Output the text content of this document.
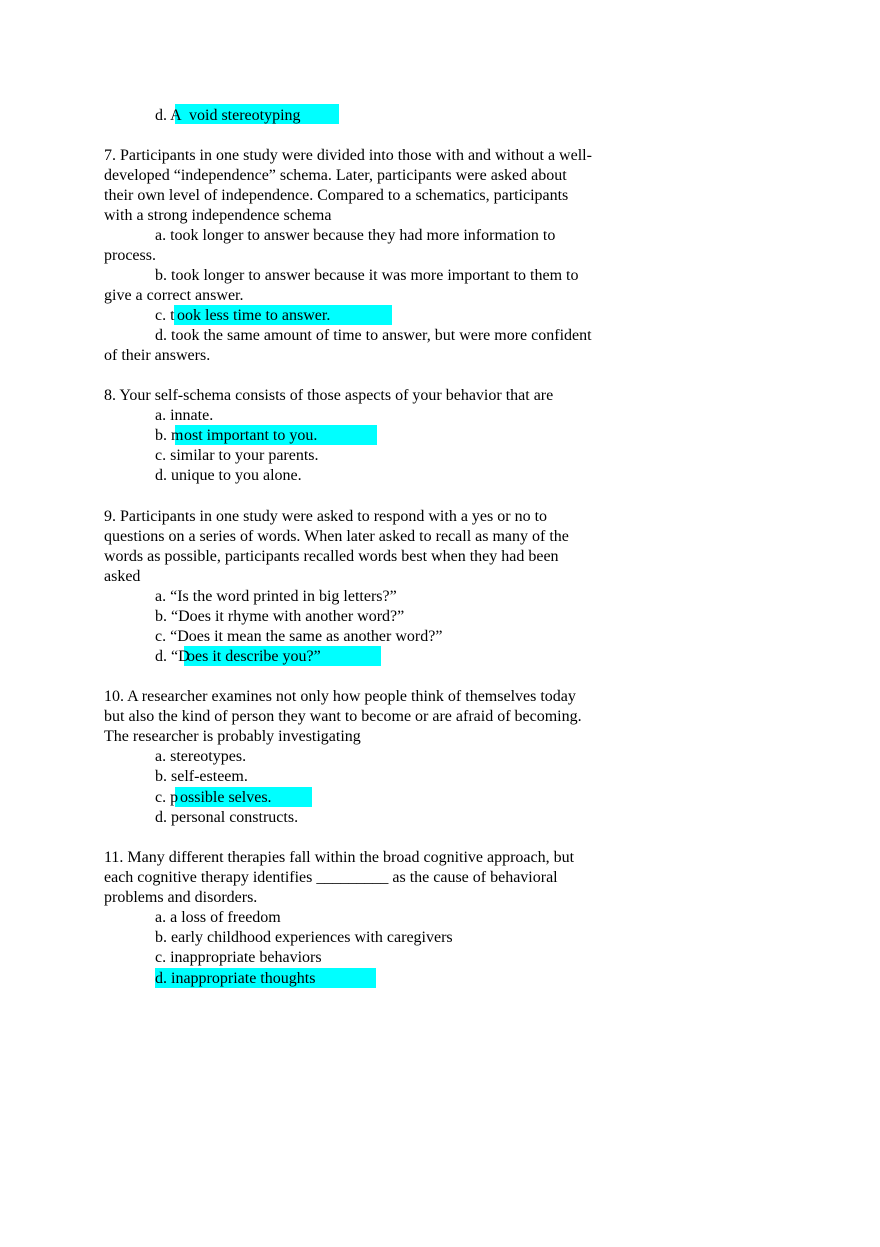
d. A void stereotyping
7. Participants in one study were divided into those with and without a well-
developed “independence” schema. Later, participants were asked about
their own level of independence. Compared to a schematics, participants
with a strong independence schema
a. took longer to answer because they had more information to
process.
b. took longer to answer because it was more important to them to
give a correct answer.
c. t ook less time to answer.
d. took the same amount of time to answer, but were more confident
of their answers.
8. Your self-schema consists of those aspects of your behavior that are
a. innate.
b. m ost important to you.
c. similar to your parents.
d. unique to you alone.
9. Participants in one study were asked to respond with a yes or no to
questions on a series of words. When later asked to recall as many of the
words as possible, participants recalled words best when they had been
asked
a. “Is the word printed in big letters?”
b. “Does it rhyme with another word?”
c. “Does it mean the same as another word?”
d. “D
oes it describe you?”
10. A researcher examines not only how people think of themselves today
but also the kind of person they want to become or are afraid of becoming.
The researcher is probably investigating
a. stereotypes.
b. self-esteem.
c. p ossible selves.
d. personal constructs.
11. Many different therapies fall within the broad cognitive approach, but
each cognitive therapy identifies _________ as the cause of behavioral
problems and disorders.
a. a loss of freedom
b. early childhood experiences with caregivers
c. inappropriate behaviors
d. inappropriate thoughts
